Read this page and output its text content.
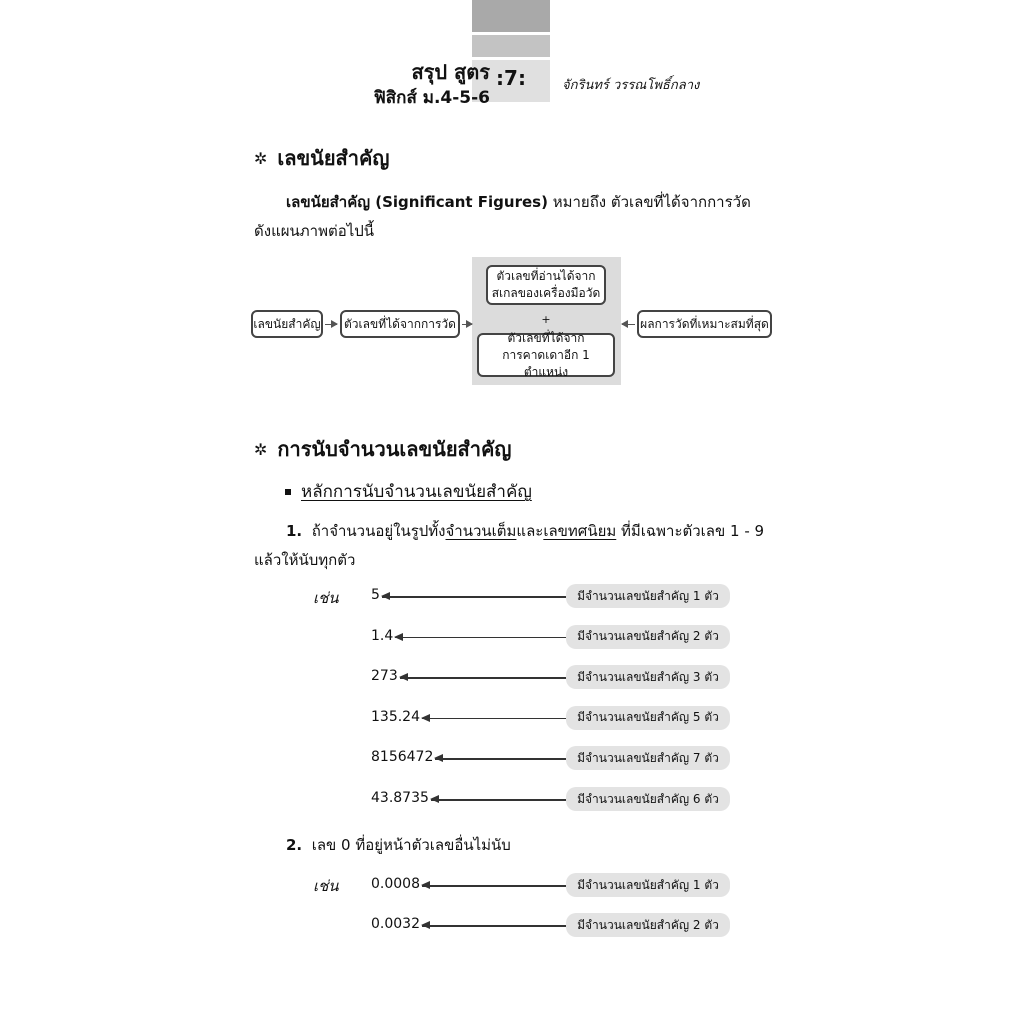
สรุป สูตร
ฟิสิกส์ ม.4-5-6
:7:	จักรินทร์ วรรณโพธิ์กลาง
✲ เลขนัยสำคัญ
เลขนัยสำคัญ (Significant Figures) หมายถึง ตัวเลขที่ได้จากการวัด
ดังแผนภาพต่อไปนี้
เลขนัยสำคัญ	ตัวเลขที่ได้จากการวัด
ตัวเลขที่อ่านได้จาก
สเกลของเครื่องมือวัด
+
ตัวเลขที่ได้จาก
การคาดเดาอีก 1 ตำแหน่ง
ผลการวัดที่เหมาะสมที่สุด
✲ การนับจำนวนเลขนัยสำคัญ
หลักการนับจำนวนเลขนัยสำคัญ
1. ถ้าจำนวนอยู่ในรูปทั้งจำนวนเต็มและเลขทศนิยม ที่มีเฉพาะตัวเลข 1 - 9
แล้วให้นับทุกตัว
เช่น 5	มีจำนวนเลขนัยสำคัญ 1 ตัว
1.4	มีจำนวนเลขนัยสำคัญ 2 ตัว
273	มีจำนวนเลขนัยสำคัญ 3 ตัว
135.24	มีจำนวนเลขนัยสำคัญ 5 ตัว
8156472	มีจำนวนเลขนัยสำคัญ 7 ตัว
43.8735	มีจำนวนเลขนัยสำคัญ 6 ตัว
2. เลข 0 ที่อยู่หน้าตัวเลขอื่นไม่นับ
เช่น 0.0008	มีจำนวนเลขนัยสำคัญ 1 ตัว
0.0032	มีจำนวนเลขนัยสำคัญ 2 ตัว
